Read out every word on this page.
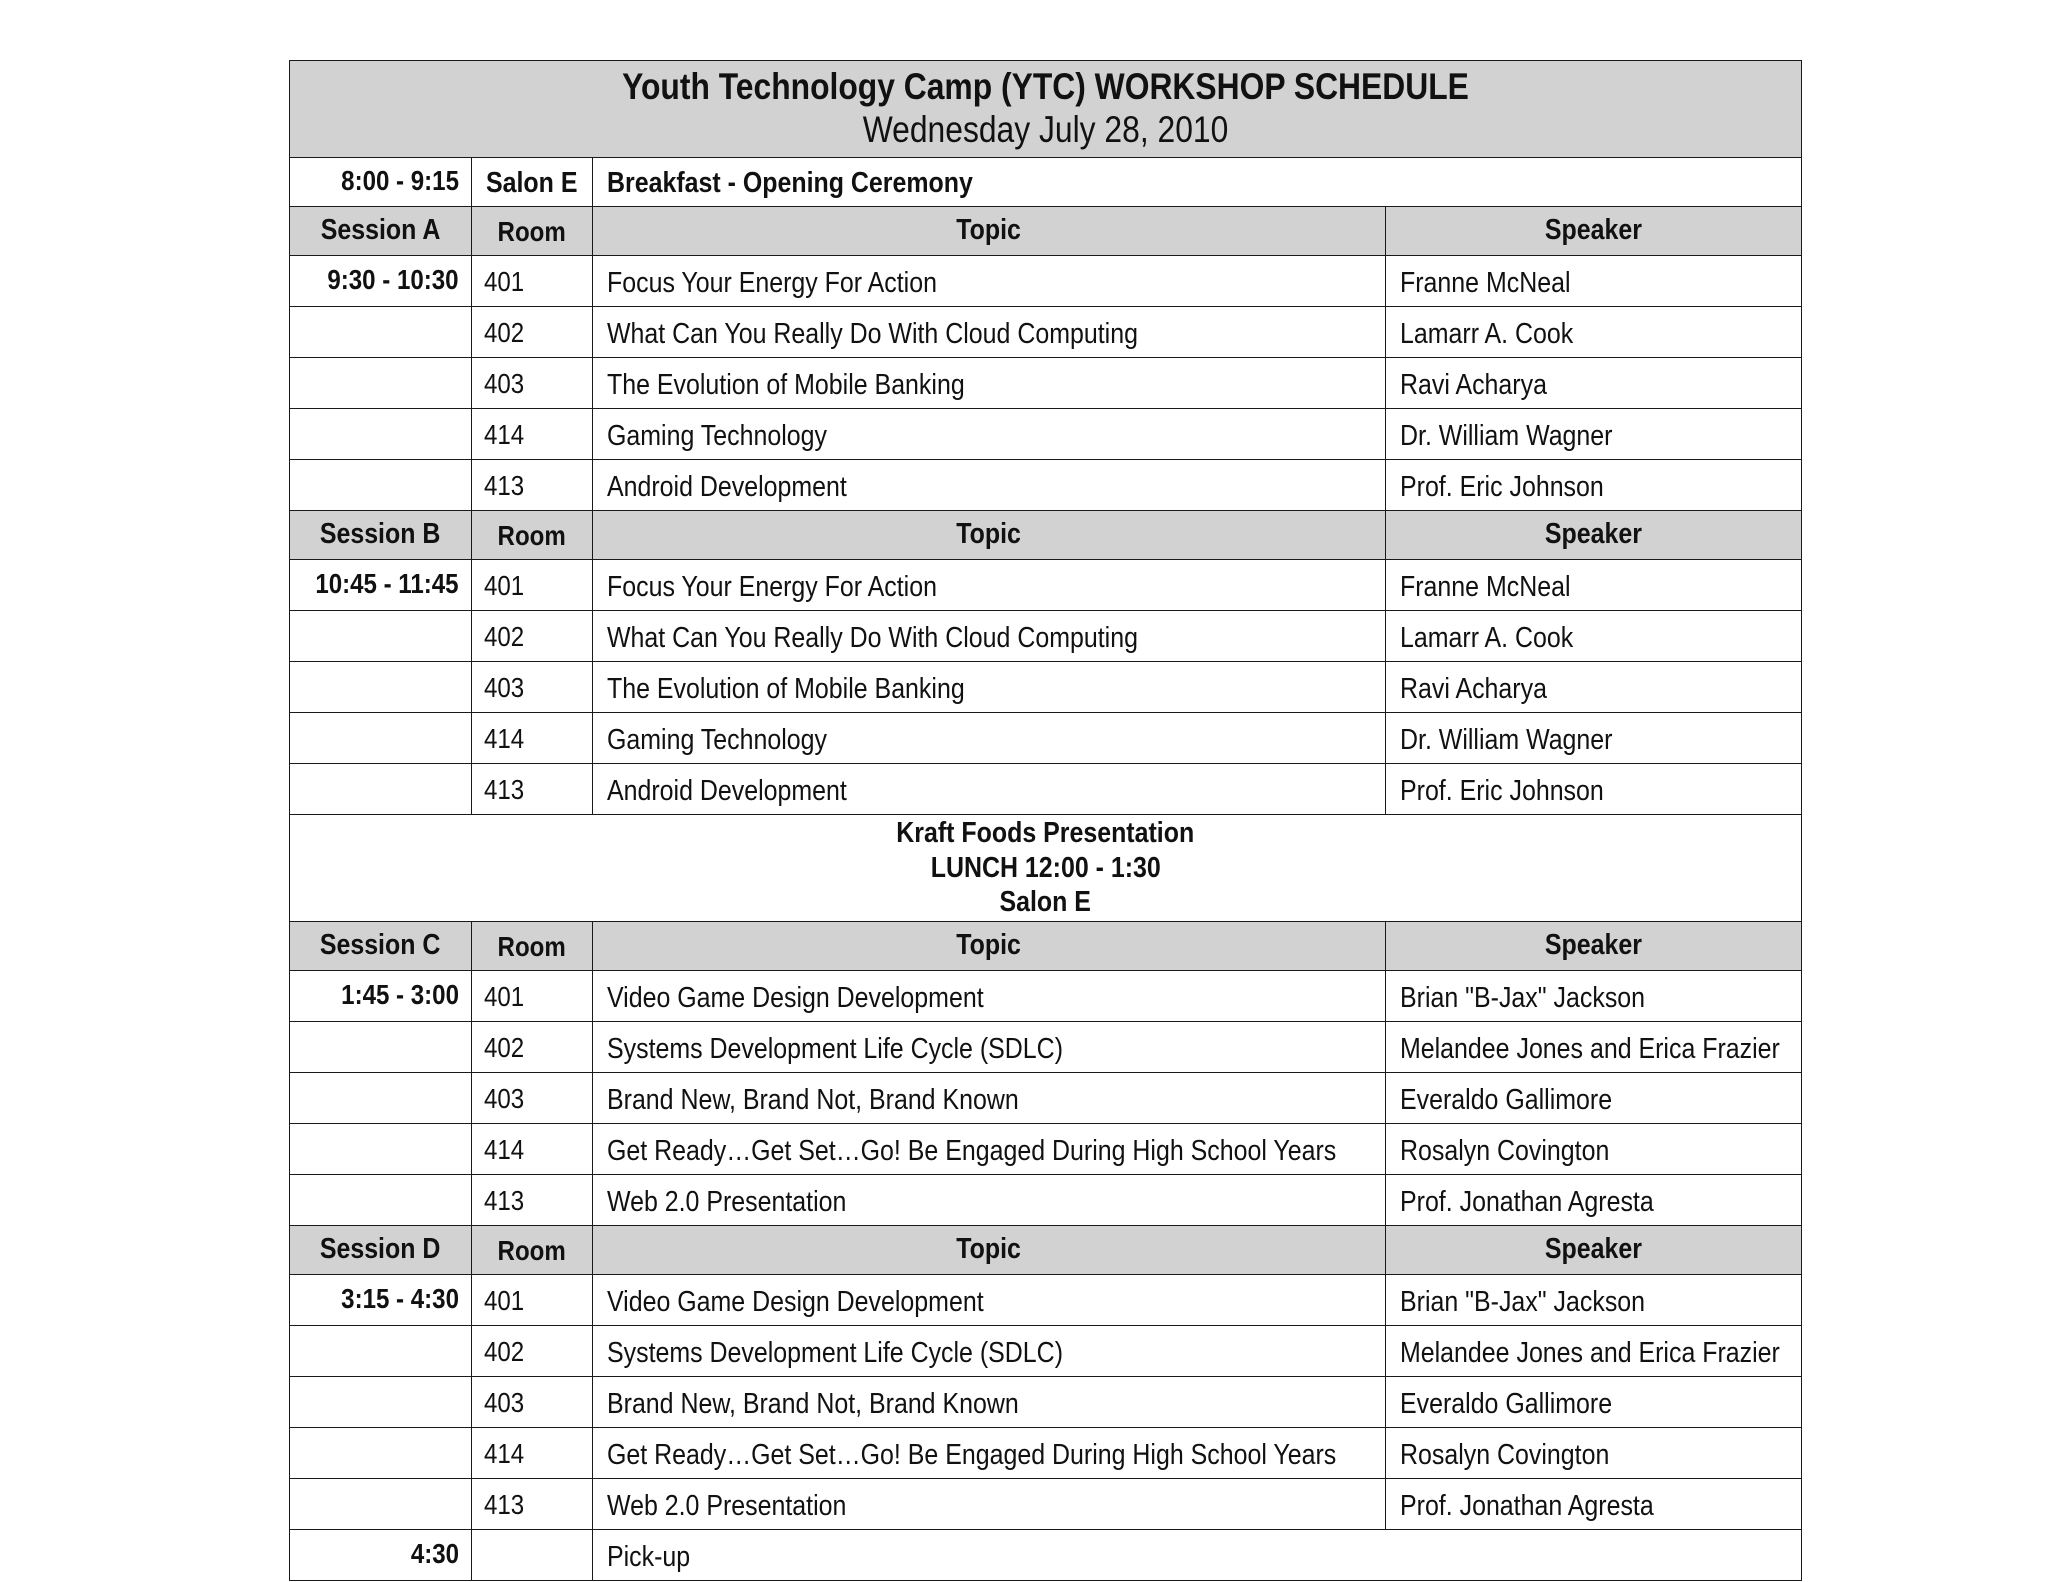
Youth Technology Camp (YTC) WORKSHOP SCHEDULE
Wednesday July 28, 2010			

8:00 - 9:15	Salon E	Breakfast - Opening Ceremony	
Session A	Room	Topic	Speaker
9:30 - 10:30	401	Focus Your Energy For Action	Franne McNeal
	402	What Can You Really Do With Cloud Computing	Lamarr A. Cook
	403	The Evolution of Mobile Banking	Ravi Acharya
	414	Gaming Technology	Dr. William Wagner
	413	Android Development	Prof. Eric Johnson
Session B	Room	Topic	Speaker
10:45 - 11:45	401	Focus Your Energy For Action	Franne McNeal
	402	What Can You Really Do With Cloud Computing	Lamarr A. Cook
	403	The Evolution of Mobile Banking	Ravi Acharya
	414	Gaming Technology	Dr. William Wagner
	413	Android Development	Prof. Eric Johnson

Kraft Foods Presentation
LUNCH 12:00 - 1:30
Salon E			

Session C	Room	Topic	Speaker
1:45 - 3:00	401	Video Game Design Development	Brian "B-Jax" Jackson
	402	Systems Development Life Cycle (SDLC)	Melandee Jones and Erica Frazier
	403	Brand New, Brand Not, Brand Known	Everaldo Gallimore
	414	Get Ready…Get Set…Go! Be Engaged During High School Years	Rosalyn Covington
	413	Web 2.0 Presentation	Prof. Jonathan Agresta
Session D	Room	Topic	Speaker
3:15 - 4:30	401	Video Game Design Development	Brian "B-Jax" Jackson
	402	Systems Development Life Cycle (SDLC)	Melandee Jones and Erica Frazier
	403	Brand New, Brand Not, Brand Known	Everaldo Gallimore
	414	Get Ready…Get Set…Go! Be Engaged During High School Years	Rosalyn Covington
	413	Web 2.0 Presentation	Prof. Jonathan Agresta
4:30		Pick-up	
